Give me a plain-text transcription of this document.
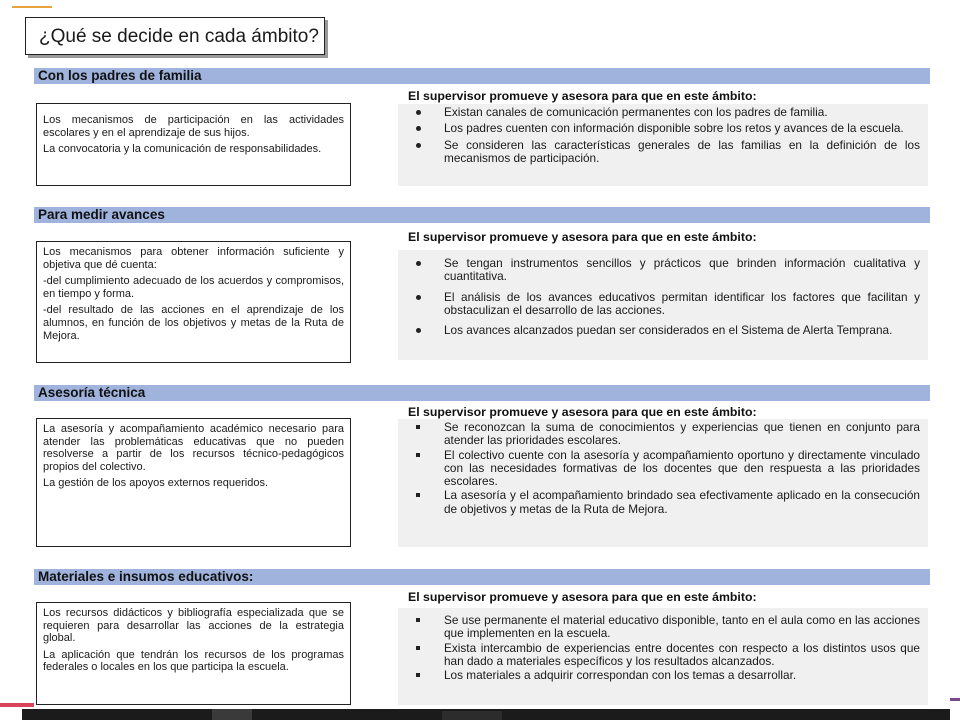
¿Qué se decide en cada ámbito?
Con los padres de familia

Los mecanismos de participación en las actividades escolares y en el aprendizaje de sus hijos.

La convocatoria y la comunicación de responsabilidades.

El supervisor promueve y asesora para que en este ámbito:
Existan canales de comunicación permanentes con los padres de familia.
Los padres cuenten con información disponible sobre los retos y avances de la escuela.
Se consideren las características generales de las familias en la definición de los mecanismos de participación.
Para medir avances

Los mecanismos para obtener información suficiente y objetiva que dé cuenta:

-del cumplimiento adecuado de los acuerdos y compromisos, en tiempo y forma.

-del resultado de las acciones en el aprendizaje de los alumnos, en función de los objetivos y metas de la Ruta de Mejora.

El supervisor promueve y asesora para que en este ámbito:
Se tengan instrumentos sencillos y prácticos que brinden información cualitativa y cuantitativa.
El análisis de los avances educativos permitan identificar los factores que facilitan y obstaculizan el desarrollo de las acciones.
Los avances alcanzados puedan ser considerados en el Sistema de Alerta Temprana.
Asesoría técnica

La asesoría y acompañamiento académico necesario para atender las problemáticas educativas que no pueden resolverse a partir de los recursos técnico-pedagógicos propios del colectivo.

La gestión de los apoyos externos requeridos.

El supervisor promueve y asesora para que en este ámbito:
Se reconozcan la suma de conocimientos y experiencias que tienen en conjunto para atender las prioridades escolares.
El colectivo cuente con la asesoría y acompañamiento oportuno y directamente vinculado con las necesidades formativas de los docentes que den respuesta a las prioridades escolares.
La asesoría y el acompañamiento brindado sea efectivamente aplicado en la consecución de objetivos y metas de la Ruta de Mejora.
Materiales e insumos educativos:

Los recursos didácticos y bibliografía especializada que se requieren para desarrollar las acciones de la estrategia global.

La aplicación que tendrán los recursos de los programas federales o locales en los que participa la escuela.

El supervisor promueve y asesora para que en este ámbito:
Se use permanente el material educativo disponible, tanto en el aula como en las acciones que implementen en la escuela.
Exista intercambio de experiencias entre docentes con respecto a los distintos usos que han dado a materiales específicos y los resultados alcanzados.
Los materiales a adquirir correspondan con los temas a desarrollar.
